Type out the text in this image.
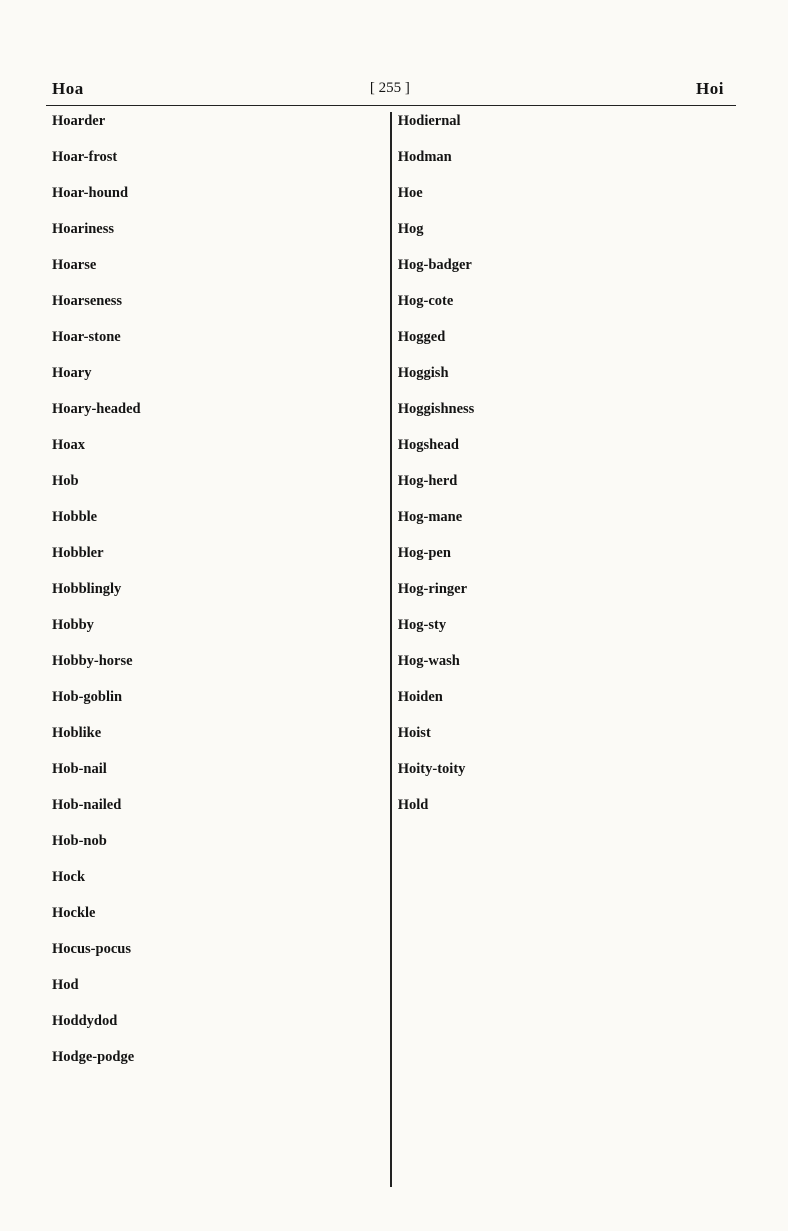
Hoa	[ 255 ]	Hoi
Hoarder
Hoar-frost
Hoar-hound
Hoariness
Hoarse
Hoarseness
Hoar-stone
Hoary
Hoary-headed
Hoax
Hob
Hobble
Hobbler
Hobblingly
Hobby
Hobby-horse
Hob-goblin
Hoblike
Hob-nail
Hob-nailed
Hob-nob
Hock
Hockle
Hocus-pocus
Hod
Hoddydod
Hodge-podge
Hodiernal
Hodman
Hoe
Hog
Hog-badger
Hog-cote
Hogged
Hoggish
Hoggishness
Hogshead
Hog-herd
Hog-mane
Hog-pen
Hog-ringer
Hog-sty
Hog-wash
Hoiden
Hoist
Hoity-toity
Hold
